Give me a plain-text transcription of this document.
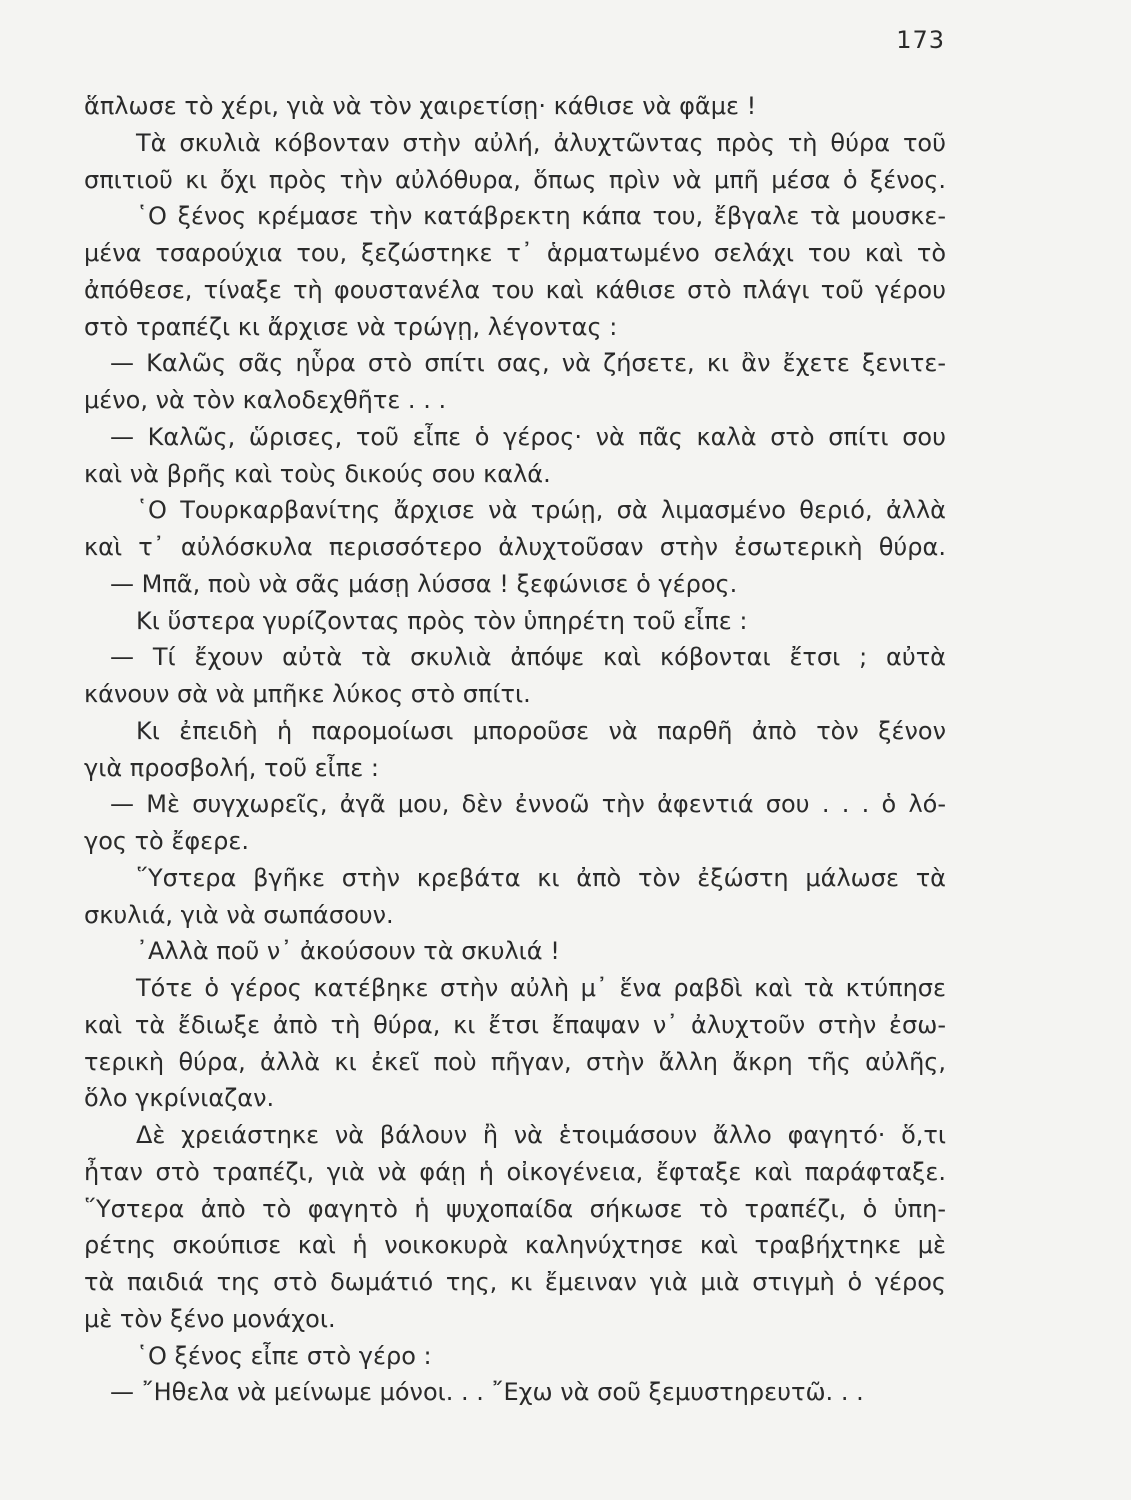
173
ἅπλωσε τὸ χέρι, γιὰ νὰ τὸν χαιρετίσῃ· κάθισε νὰ φᾶμε !
Τὰ σκυλιὰ κόβονταν στὴν αὐλή, ἀλυχτῶντας πρὸς τὴ θύρα τοῦ
σπιτιοῦ κι ὄχι πρὸς τὴν αὐλόθυρα, ὅπως πρὶν νὰ μπῆ μέσα ὁ ξένος.
῾Ο ξένος κρέμασε τὴν κατάβρεκτη κάπα του, ἔβγαλε τὰ μουσκε-
μένα τσαρούχια του, ξεζώστηκε τ᾿ ἁρματωμένο σελάχι του καὶ τὸ
ἀπόθεσε, τίναξε τὴ φουστανέλα του καὶ κάθισε στὸ πλάγι τοῦ γέρου
στὸ τραπέζι κι ἄρχισε νὰ τρώγῃ, λέγοντας :
— Καλῶς σᾶς ηὗρα στὸ σπίτι σας, νὰ ζήσετε, κι ἂν ἔχετε ξενιτε-
μένο, νὰ τὸν καλοδεχθῆτε . . .
— Καλῶς, ὥρισες, τοῦ εἶπε ὁ γέρος· νὰ πᾶς καλὰ στὸ σπίτι σου
καὶ νὰ βρῆς καὶ τοὺς δικούς σου καλά.
῾Ο Τουρκαρβανίτης ἄρχισε νὰ τρώῃ, σὰ λιμασμένο θεριό, ἀλλὰ
καὶ τ᾿ αὐλόσκυλα περισσότερο ἀλυχτοῦσαν στὴν ἐσωτερικὴ θύρα.
— Μπᾶ, ποὺ νὰ σᾶς μάσῃ λύσσα ! ξεφώνισε ὁ γέρος.
Κι ὕστερα γυρίζοντας πρὸς τὸν ὑπηρέτη τοῦ εἶπε :
— Τί ἔχουν αὐτὰ τὰ σκυλιὰ ἀπόψε καὶ κόβονται ἔτσι ; αὐτὰ
κάνουν σὰ νὰ μπῆκε λύκος στὸ σπίτι.
Κι ἐπειδὴ ἡ παρομοίωσι μποροῦσε νὰ παρθῆ ἀπὸ τὸν ξένον
γιὰ προσβολή, τοῦ εἶπε :
— Μὲ συγχωρεῖς, ἀγᾶ μου, δὲν ἐννοῶ τὴν ἀφεντιά σου . . . ὁ λό-
γος τὸ ἔφερε.
῞Υστερα βγῆκε στὴν κρεβάτα κι ἀπὸ τὸν ἐξώστη μάλωσε τὰ
σκυλιά, γιὰ νὰ σωπάσουν.
᾿Αλλὰ ποῦ ν᾿ ἀκούσουν τὰ σκυλιά !
Τότε ὁ γέρος κατέβηκε στὴν αὐλὴ μ᾿ ἕνα ραβδὶ καὶ τὰ κτύπησε
καὶ τὰ ἔδιωξε ἀπὸ τὴ θύρα, κι ἔτσι ἔπαψαν ν᾿ ἀλυχτοῦν στὴν ἐσω-
τερικὴ θύρα, ἀλλὰ κι ἐκεῖ ποὺ πῆγαν, στὴν ἄλλη ἄκρη τῆς αὐλῆς,
ὅλο γκρίνιαζαν.
Δὲ χρειάστηκε νὰ βάλουν ἢ νὰ ἑτοιμάσουν ἄλλο φαγητό· ὅ,τι
ἦταν στὸ τραπέζι, γιὰ νὰ φάῃ ἡ οἰκογένεια, ἔφταξε καὶ παράφταξε.
῞Υστερα ἀπὸ τὸ φαγητὸ ἡ ψυχοπαίδα σήκωσε τὸ τραπέζι, ὁ ὑπη-
ρέτης σκούπισε καὶ ἡ νοικοκυρὰ καληνύχτησε καὶ τραβήχτηκε μὲ
τὰ παιδιά της στὸ δωμάτιό της, κι ἔμειναν γιὰ μιὰ στιγμὴ ὁ γέρος
μὲ τὸν ξένο μονάχοι.
῾Ο ξένος εἶπε στὸ γέρο :
— ῎Ηθελα νὰ μείνωμε μόνοι. . . ῎Εχω νὰ σοῦ ξεμυστηρευτῶ. . .
